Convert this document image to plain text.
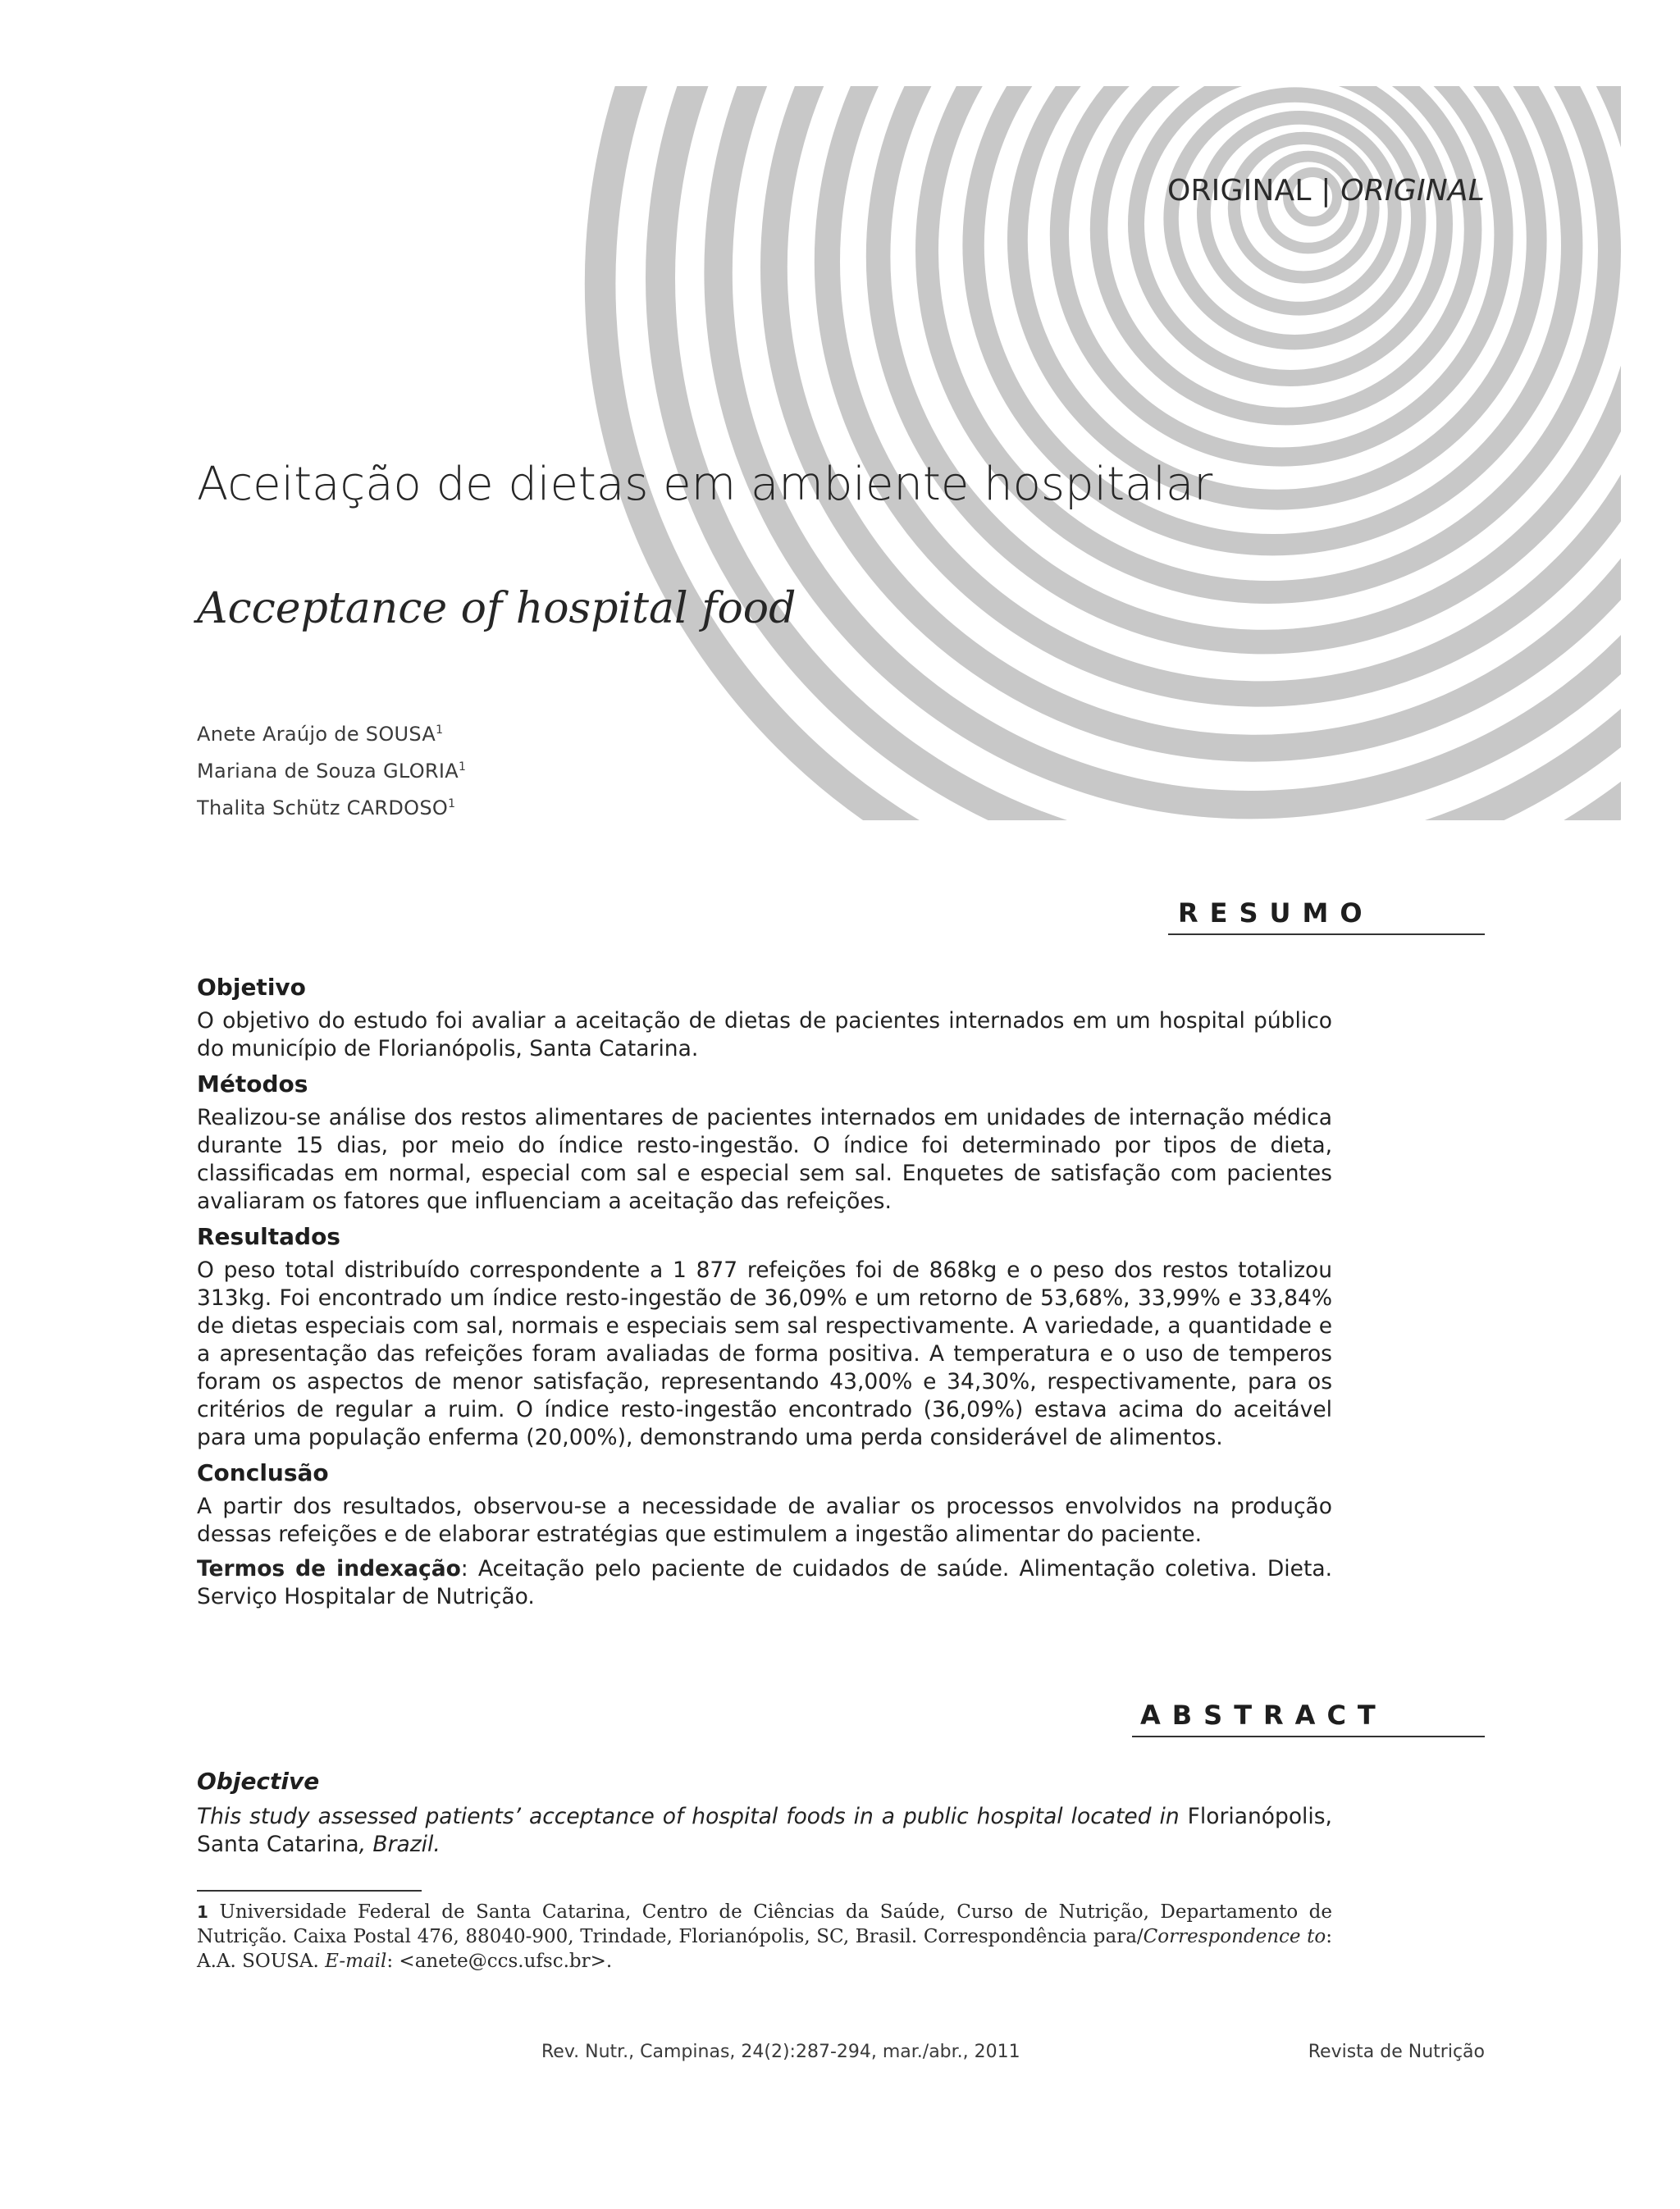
ORIGINAL | ORIGINAL
Aceitação de dietas em ambiente hospitalar
Acceptance of hospital food
Anete Araújo de SOUSA$^1$
Mariana de Souza GLORIA$^1$
Thalita Schütz CARDOSO$^1$
RESUMO
Objetivo

O objetivo do estudo foi avaliar a aceitação de dietas de pacientes internados em um hospital público do município de Florianópolis, Santa Catarina.

Métodos

Realizou-se análise dos restos alimentares de pacientes internados em unidades de internação médica durante 15 dias, por meio do índice resto-ingestão. O índice foi determinado por tipos de dieta, classificadas em normal, especial com sal e especial sem sal. Enquetes de satisfação com pacientes avaliaram os fatores que influenciam a aceitação das refeições.

Resultados

O peso total distribuído correspondente a 1 877 refeições foi de 868kg e o peso dos restos totalizou 313kg. Foi encontrado um índice resto-ingestão de 36,09% e um retorno de 53,68%, 33,99% e 33,84% de dietas especiais com sal, normais e especiais sem sal respectivamente. A variedade, a quantidade e a apresentação das refeições foram avaliadas de forma positiva. A temperatura e o uso de temperos foram os aspectos de menor satisfação, representando 43,00% e 34,30%, respectivamente, para os critérios de regular a ruim. O índice resto-ingestão encontrado (36,09%) estava acima do aceitável para uma população enferma (20,00%), demonstrando uma perda considerável de alimentos.

Conclusão

A partir dos resultados, observou-se a necessidade de avaliar os processos envolvidos na produção dessas refeições e de elaborar estratégias que estimulem a ingestão alimentar do paciente.

Termos de indexação: Aceitação pelo paciente de cuidados de saúde. Alimentação coletiva. Dieta. Serviço Hospitalar de Nutrição.

ABSTRACT
Objective

This study assessed patients’ acceptance of hospital foods in a public hospital located in Florianópolis, Santa Catarina, Brazil.

1 Universidade Federal de Santa Catarina, Centro de Ciências da Saúde, Curso de Nutrição, Departamento de Nutrição. Caixa Postal 476, 88040-900, Trindade, Florianópolis, SC, Brasil. Correspondência para/Correspondence to: A.A. SOUSA. E-mail: <anete@ccs.ufsc.br>.
Rev. Nutr., Campinas, 24(2):287-294, mar./abr., 2011	Revista de Nutrição
